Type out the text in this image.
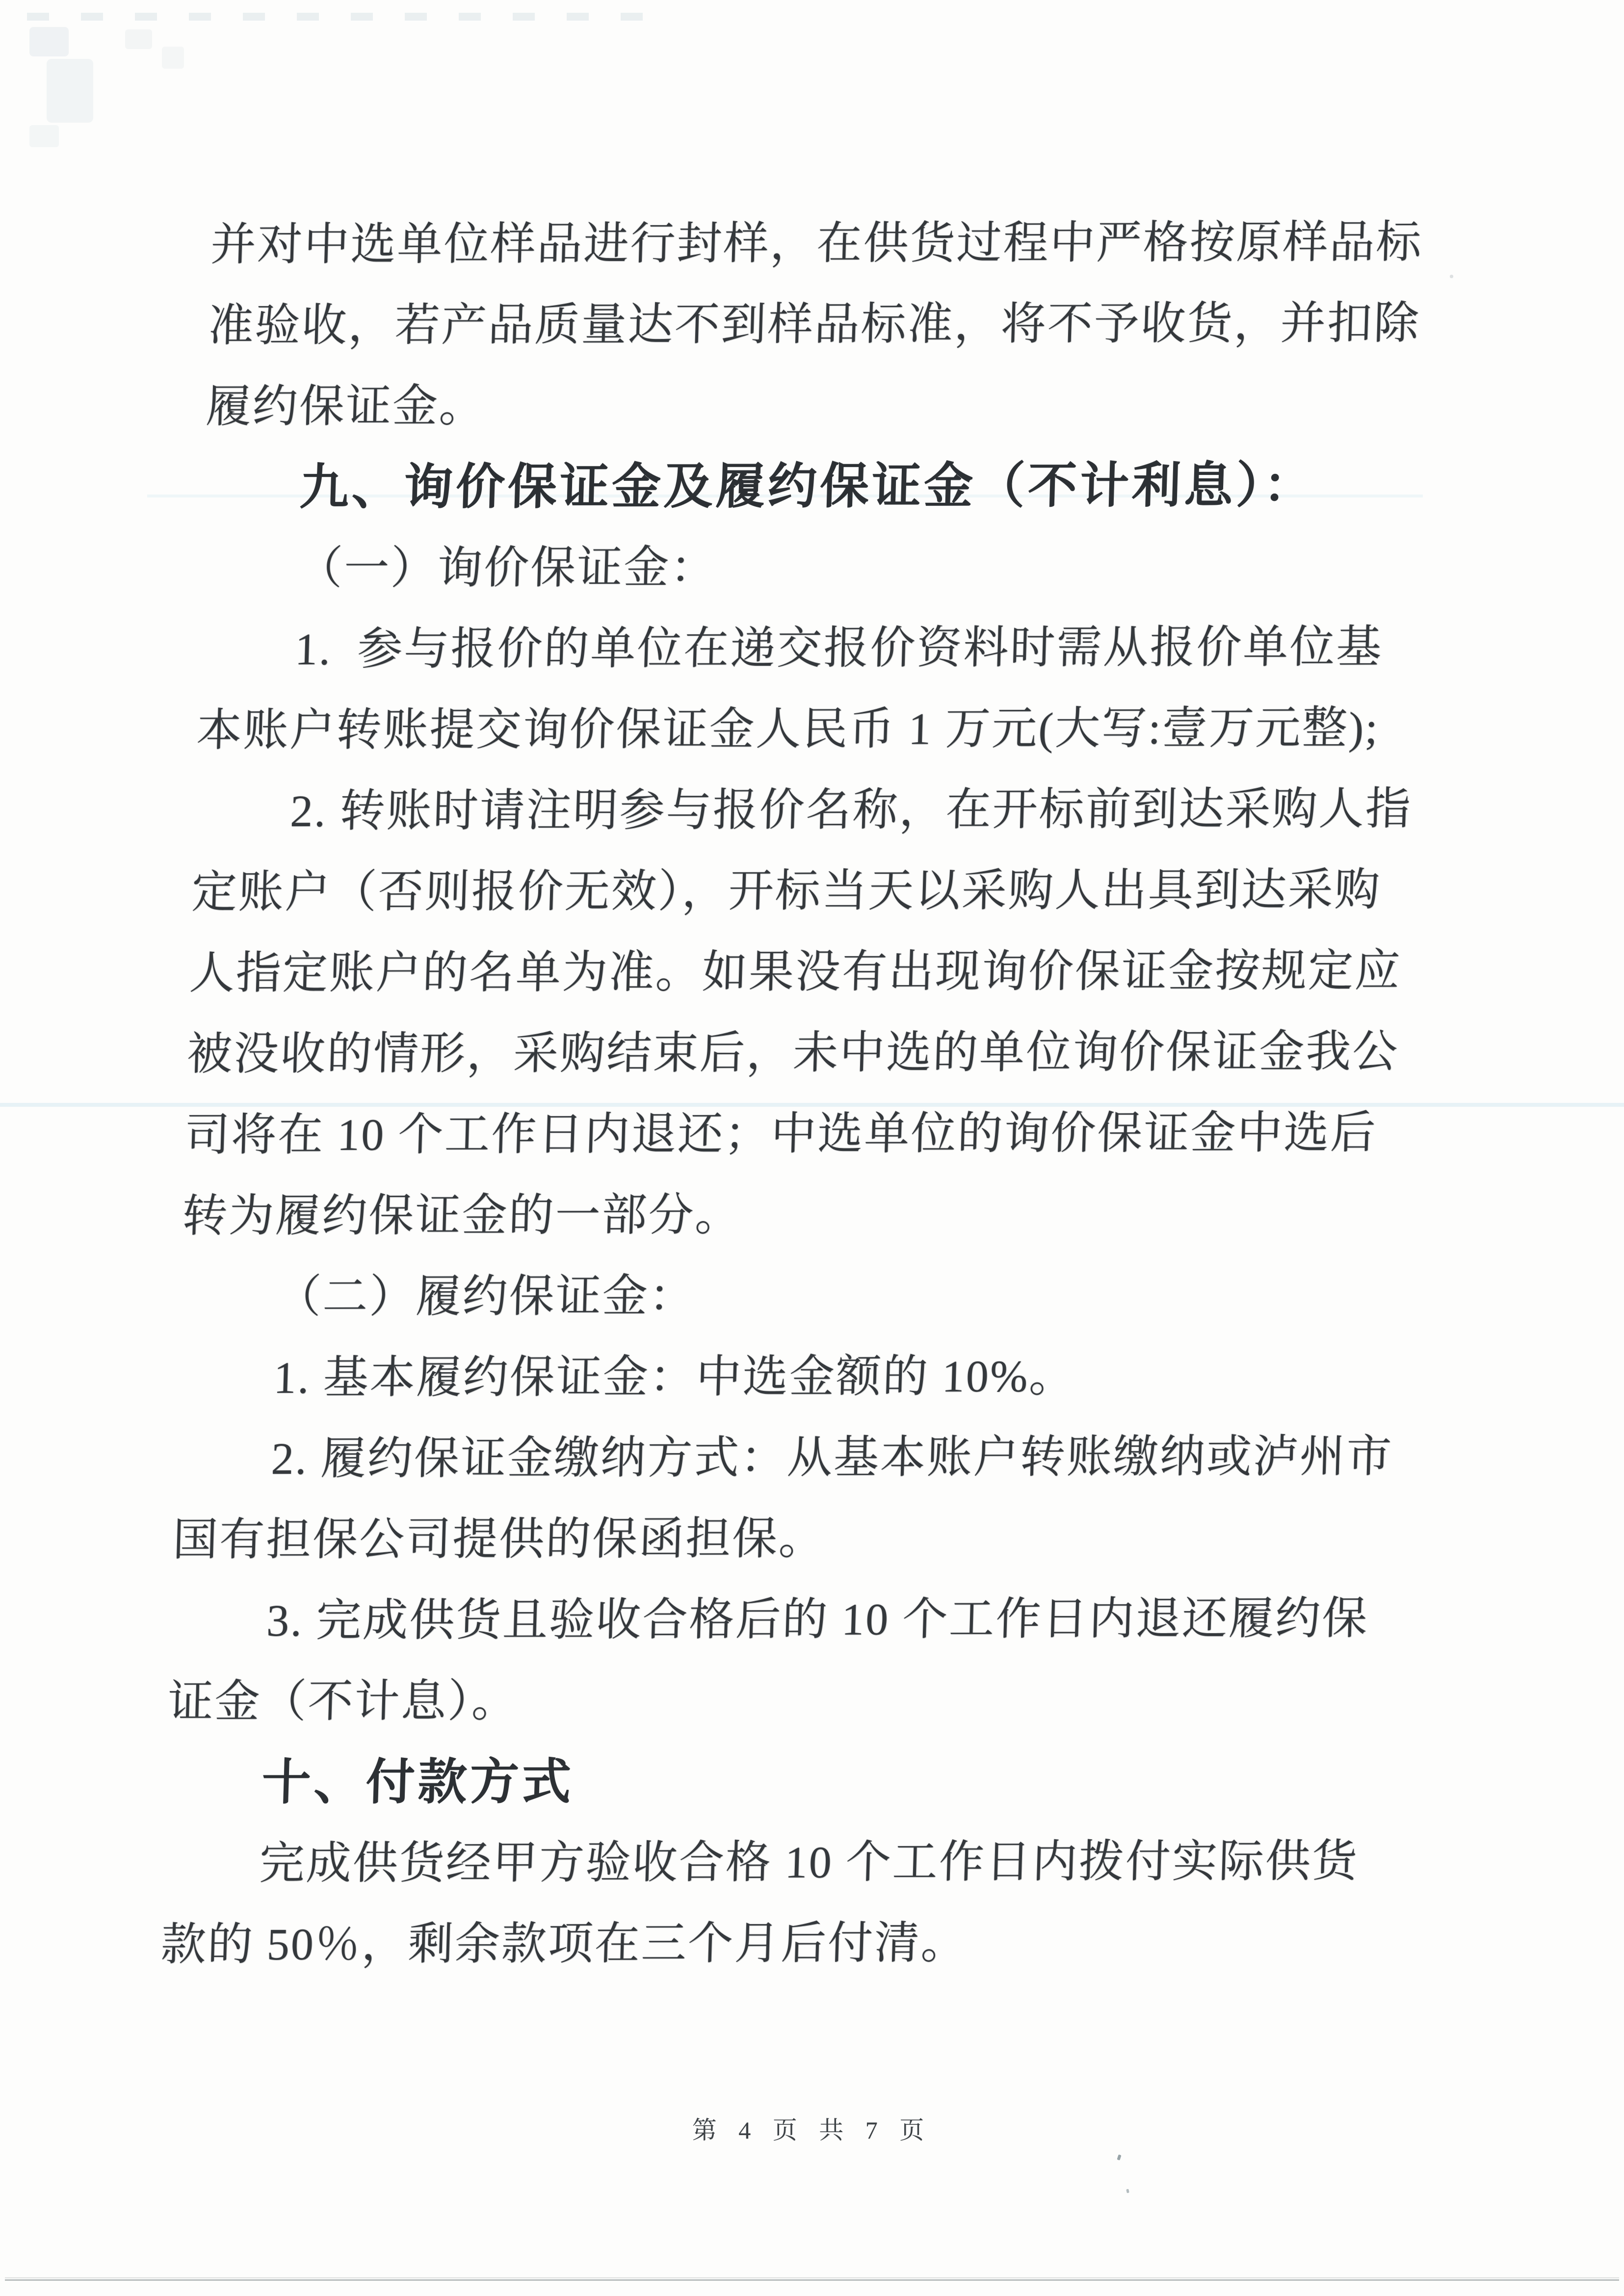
并对中选单位样品进行封样，在供货过程中严格按原样品标

准验收，若产品质量达不到样品标准，将不予收货，并扣除

履约保证金。

九、询价保证金及履约保证金（不计利息）：

（一）询价保证金：

1.  参与报价的单位在递交报价资料时需从报价单位基

本账户转账提交询价保证金人民币 1 万元(大写:壹万元整);

2. 转账时请注明参与报价名称，在开标前到达采购人指

定账户（否则报价无效），开标当天以采购人出具到达采购

人指定账户的名单为准。如果没有出现询价保证金按规定应

被没收的情形，采购结束后，未中选的单位询价保证金我公

司将在 10 个工作日内退还；中选单位的询价保证金中选后

转为履约保证金的一部分。

（二）履约保证金：

1. 基本履约保证金：中选金额的 10%。

2. 履约保证金缴纳方式：从基本账户转账缴纳或泸州市

国有担保公司提供的保函担保。

3. 完成供货且验收合格后的 10 个工作日内退还履约保

证金（不计息）。

十、付款方式

完成供货经甲方验收合格 10 个工作日内拨付实际供货

款的 50％，剩余款项在三个月后付清。

第 4 页 共 7 页
